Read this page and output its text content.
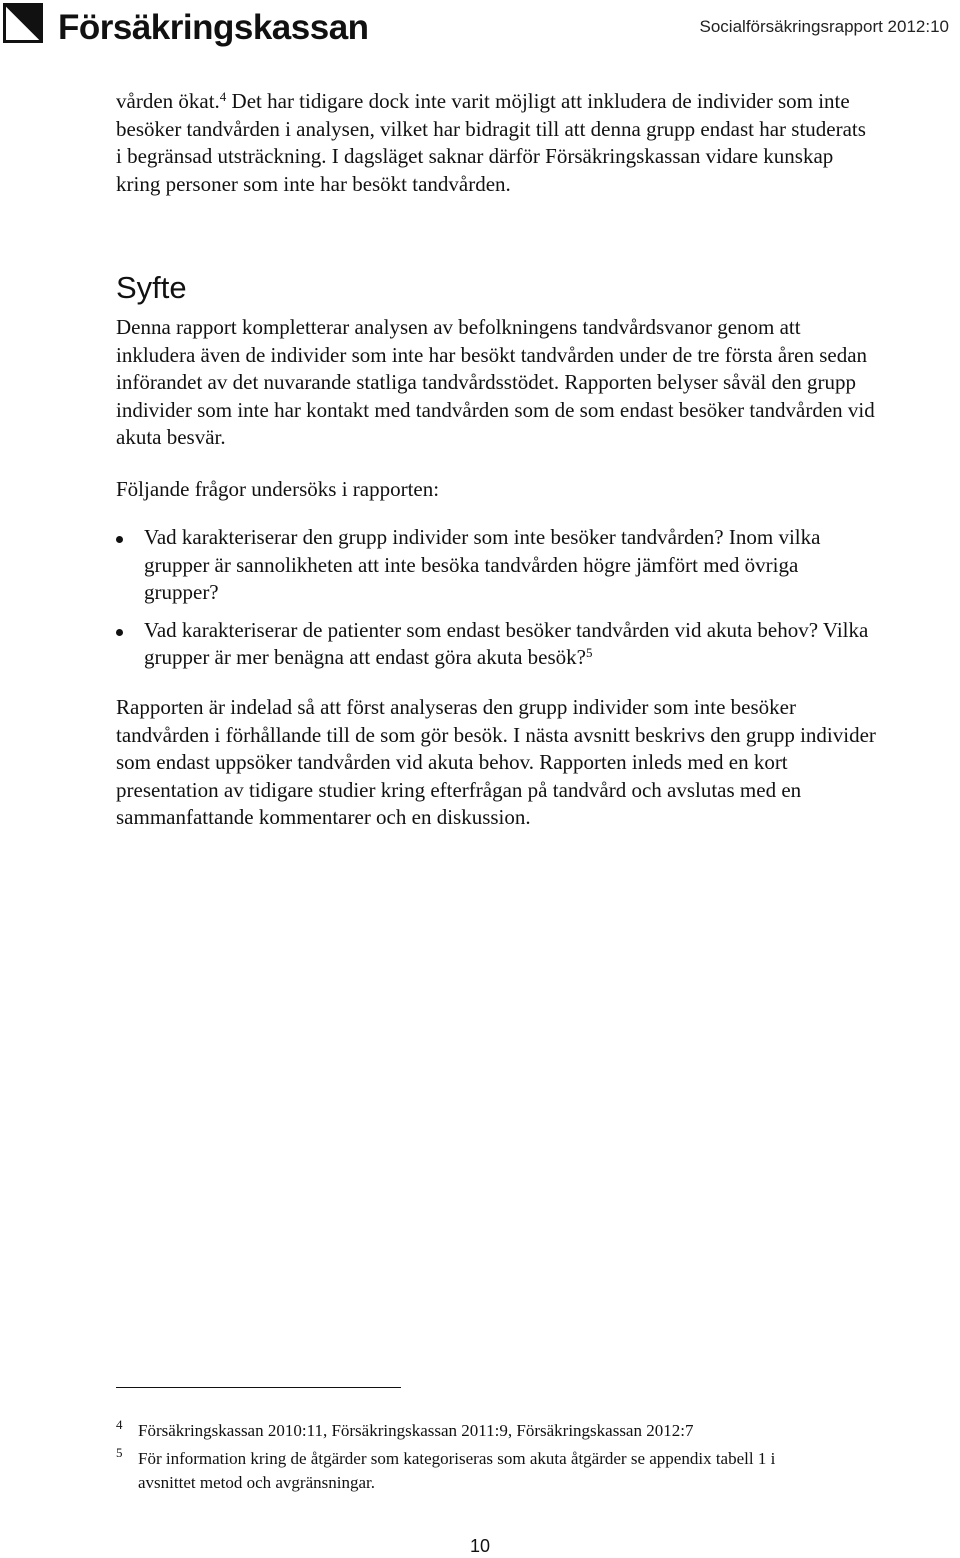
Försäkringskassan	Socialförsäkringsrapport 2012:10
vården ökat.$^4$ Det har tidigare dock inte varit möjligt att inkludera de individer som inte besöker tandvården i analysen, vilket har bidragit till att denna grupp endast har studerats i begränsad utsträckning. I dagsläget saknar därför Försäkringskassan vidare kunskap kring personer som inte har besökt tandvården.
Syfte
Denna rapport kompletterar analysen av befolkningens tandvårdsvanor genom att inkludera även de individer som inte har besökt tandvården under de tre första åren sedan införandet av det nuvarande statliga tandvårdsstödet. Rapporten belyser såväl den grupp individer som inte har kontakt med tandvården som de som endast besöker tandvården vid akuta besvär.
Följande frågor undersöks i rapporten:
Vad karakteriserar den grupp individer som inte besöker tandvården? Inom vilka grupper är sannolikheten att inte besöka tandvården högre jämfört med övriga grupper?
Vad karakteriserar de patienter som endast besöker tandvården vid akuta behov? Vilka grupper är mer benägna att endast göra akuta besök?$^5$
Rapporten är indelad så att först analyseras den grupp individer som inte besöker tandvården i förhållande till de som gör besök. I nästa avsnitt beskrivs den grupp individer som endast uppsöker tandvården vid akuta behov. Rapporten inleds med en kort presentation av tidigare studier kring efterfrågan på tandvård och avslutas med en sammanfattande kommentarer och en diskussion.
4 Försäkringskassan 2010:11, Försäkringskassan 2011:9, Försäkringskassan 2012:7
5 För information kring de åtgärder som kategoriseras som akuta åtgärder se appendix tabell 1 i avsnittet metod och avgränsningar.
10
